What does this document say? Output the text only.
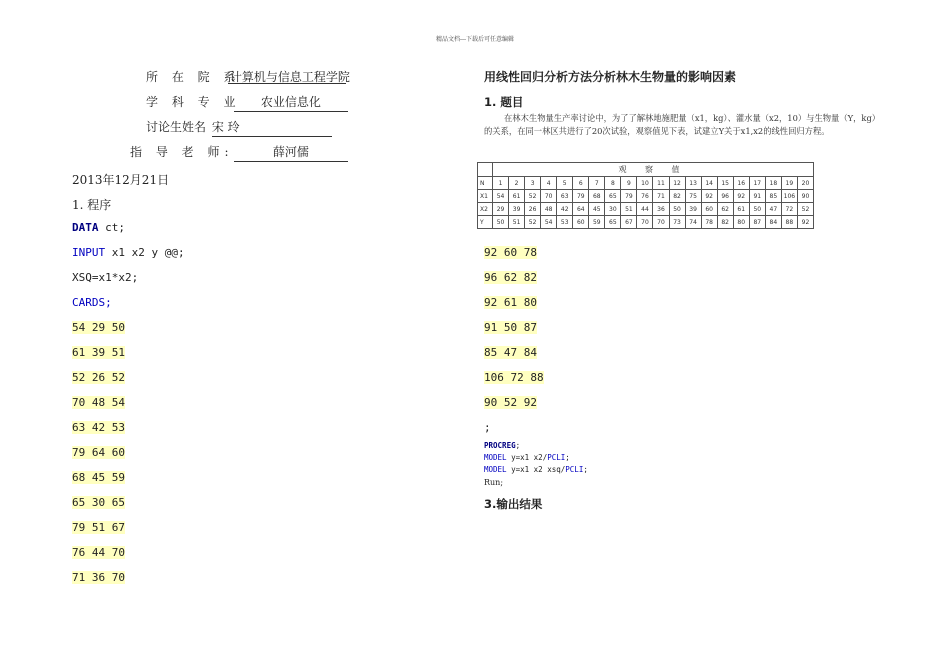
精品文档---下载后可任意编辑
所 在 院 系 计算机与信息工程学院
学 科 专 业 农业信息化
讨论生姓名 宋 玲
指 导 老 师:	薛河儒
2013年12月21日
1. 程序
DATA ct;
INPUT x1 x2 y @@;
XSQ=x1*x2;
CARDS;
54 29 50
61 39 51
52 26 52
70 48 54
63 42 53
79 64 60
68 45 59
65 30 65
79 51 67
76 44 70
71 36 70
用线性回归分析方法分析林木生物量的影响因素
1. 题目
在林木生物量生产率讨论中，为了了解林地施肥量（x1，kg）、灌水量（x2，10）与生物量（Y，kg）的关系，在同一林区共进行了20次试验，观察值见下表，试建立Y关于x1,x2的线性回归方程。
	观 察 值																			
N	1	2	3	4	5	6	7	8	9	10	11	12	13	14	15	16	17	18	19	20
X1	54	61	52	70	63	79	68	65	79	76	71	82	75	92	96	92	91	85	106	90
X2	29	39	26	48	42	64	45	30	51	44	36	50	39	60	62	61	50	47	72	52
Y	50	51	52	54	53	60	59	65	67	70	70	73	74	78	82	80	87	84	88	92
92 60 78
96 62 82
92 61 80
91 50 87
85 47 84
106 72 88
90 52 92
;
PROCREG;
MODEL y=x1 x2/PCLI;
MODEL y=x1 x2 xsq/PCLI;
Run;
3.输出结果
